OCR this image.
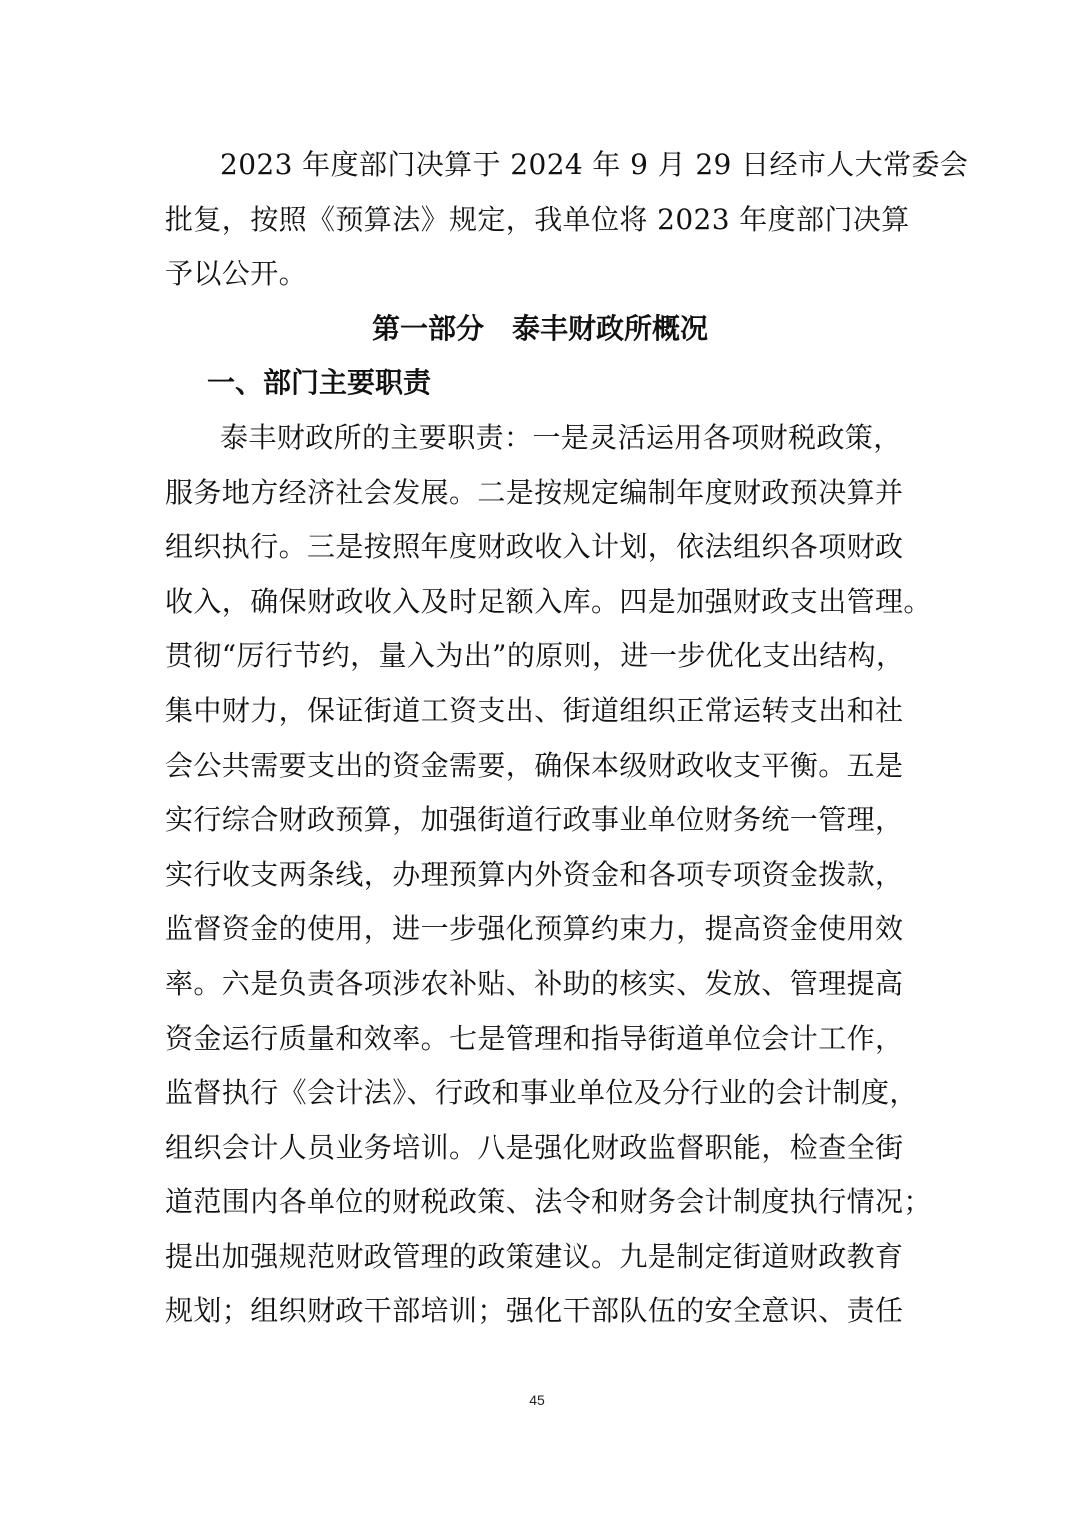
2023 年度部门决算于 2024 年 9 月 29 日经市人大常委会
批复，按照《预算法》规定，我单位将 2023 年度部门决算
予以公开。
第一部分　泰丰财政所概况
一、部门主要职责
泰丰财政所的主要职责：一是灵活运用各项财税政策，
服务地方经济社会发展。二是按规定编制年度财政预决算并
组织执行。三是按照年度财政收入计划，依法组织各项财政
收入，确保财政收入及时足额入库。四是加强财政支出管理。
贯彻“厉行节约，量入为出”的原则，进一步优化支出结构，
集中财力，保证街道工资支出、街道组织正常运转支出和社
会公共需要支出的资金需要，确保本级财政收支平衡。五是
实行综合财政预算，加强街道行政事业单位财务统一管理，
实行收支两条线，办理预算内外资金和各项专项资金拨款，
监督资金的使用，进一步强化预算约束力，提高资金使用效
率。六是负责各项涉农补贴、补助的核实、发放、管理提高
资金运行质量和效率。七是管理和指导街道单位会计工作，
监督执行《会计法》、行政和事业单位及分行业的会计制度，
组织会计人员业务培训。八是强化财政监督职能，检查全街
道范围内各单位的财税政策、法令和财务会计制度执行情况；
提出加强规范财政管理的政策建议。九是制定街道财政教育
规划；组织财政干部培训；强化干部队伍的安全意识、责任
45
